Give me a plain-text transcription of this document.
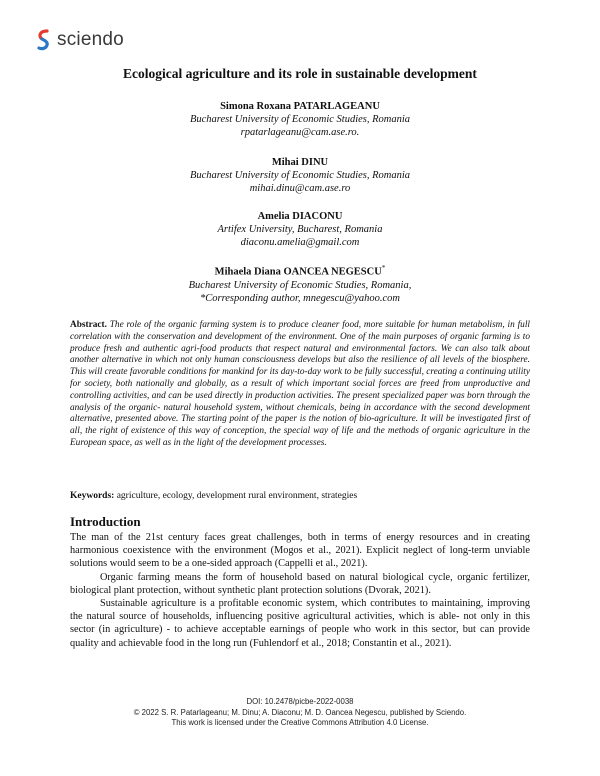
sciendo
Ecological agriculture and its role in sustainable development
Simona Roxana PATARLAGEANU
Bucharest University of Economic Studies, Romania
rpatarlageanu@cam.ase.ro.
Mihai DINU
Bucharest University of Economic Studies, Romania
mihai.dinu@cam.ase.ro
Amelia DIACONU
Artifex University, Bucharest, Romania
diaconu.amelia@gmail.com
Mihaela Diana OANCEA NEGESCU*
Bucharest University of Economic Studies, Romania,
*Corresponding author, mnegescu@yahoo.com
Abstract. The role of the organic farming system is to produce cleaner food, more suitable for human metabolism, in full correlation with the conservation and development of the environment. One of the main purposes of organic farming is to produce fresh and authentic agri-food products that respect natural and environmental factors. We can also talk about another alternative in which not only human consciousness develops but also the resilience of all levels of the biosphere. This will create favorable conditions for mankind for its day-to-day work to be fully successful, creating a continuing utility for society, both nationally and globally, as a result of which important social forces are freed from unproductive and controlling activities, and can be used directly in production activities. The present specialized paper was born through the analysis of the organic- natural household system, without chemicals, being in accordance with the second development alternative, presented above. The starting point of the paper is the notion of bio-agriculture. It will be investigated first of all, the right of existence of this way of conception, the special way of life and the methods of organic agriculture in the European space, as well as in the light of the development processes.
Keywords: agriculture, ecology, development rural environment, strategies
Introduction

The man of the 21st century faces great challenges, both in terms of energy resources and in creating harmonious coexistence with the environment (Mogos et al., 2021). Explicit neglect of long-term unviable solutions would seem to be a one-sided approach (Cappelli et al., 2021).

Organic farming means the form of household based on natural biological cycle, organic fertilizer, biological plant protection, without synthetic plant protection solutions (Dvorak, 2021).

Sustainable agriculture is a profitable economic system, which contributes to maintaining, improving the natural source of households, influencing positive agricultural activities, which is able- not only in this sector (in agriculture) - to achieve acceptable earnings of people who work in this sector, but can provide quality and achievable food in the long run (Fuhlendorf et al., 2018; Constantin et al., 2021).

DOI: 10.2478/picbe-2022-0038
© 2022 S. R. Patarlageanu; M. Dinu; A. Diaconu; M. D. Oancea Negescu, published by Sciendo.
This work is licensed under the Creative Commons Attribution 4.0 License.
